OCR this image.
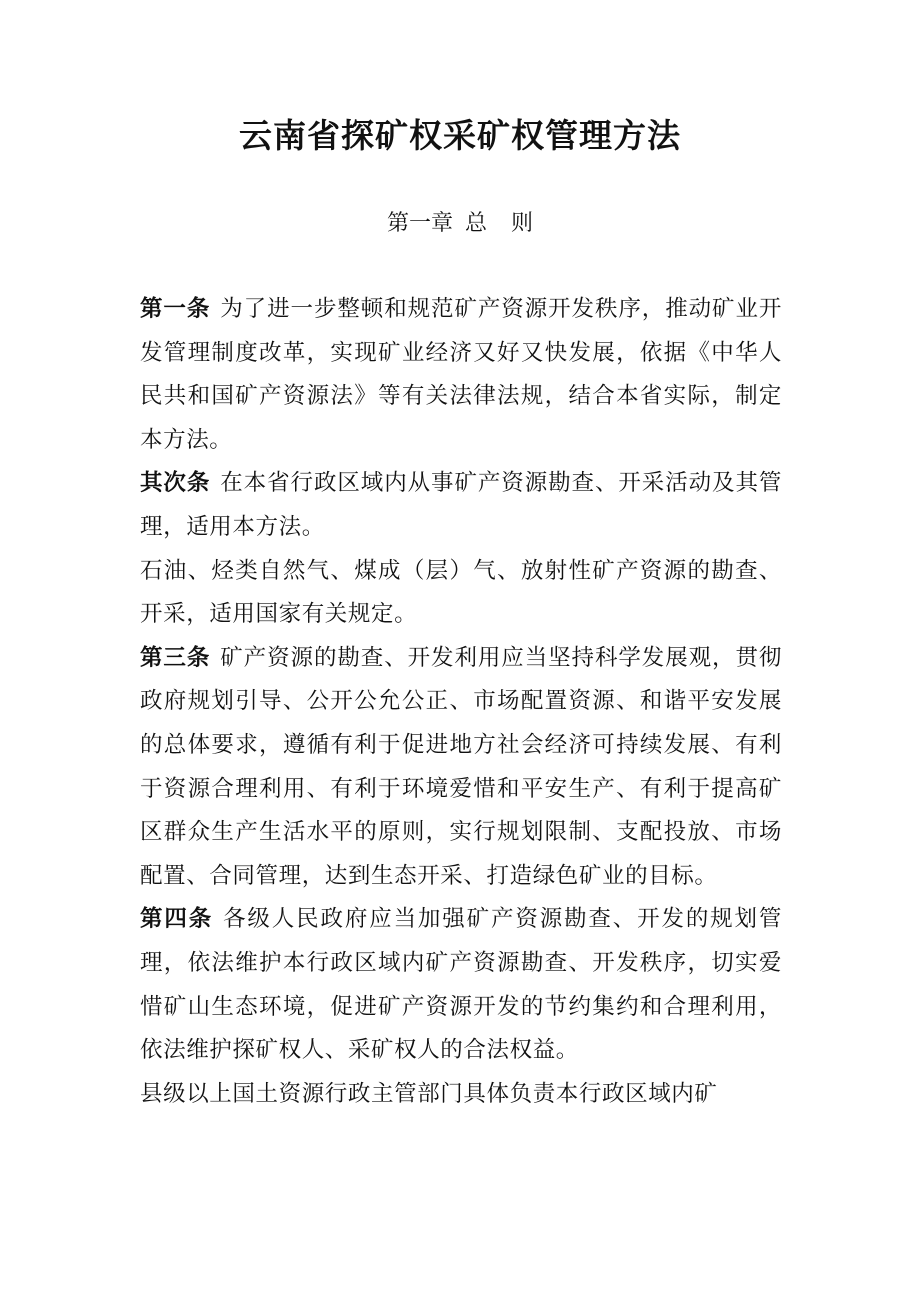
云南省探矿权采矿权管理方法
第一章 总 则

第一条 为了进一步整顿和规范矿产资源开发秩序，推动矿业开发管理制度改革，实现矿业经济又好又快发展，依据《中华人民共和国矿产资源法》等有关法律法规，结合本省实际，制定本方法。

其次条 在本省行政区域内从事矿产资源勘查、开采活动及其管理，适用本方法。

石油、烃类自然气、煤成（层）气、放射性矿产资源的勘查、开采，适用国家有关规定。

第三条 矿产资源的勘查、开发利用应当坚持科学发展观，贯彻政府规划引导、公开公允公正、市场配置资源、和谐平安发展的总体要求，遵循有利于促进地方社会经济可持续发展、有利于资源合理利用、有利于环境爱惜和平安生产、有利于提高矿区群众生产生活水平的原则，实行规划限制、支配投放、市场配置、合同管理，达到生态开采、打造绿色矿业的目标。

第四条 各级人民政府应当加强矿产资源勘查、开发的规划管理，依法维护本行政区域内矿产资源勘查、开发秩序，切实爱惜矿山生态环境，促进矿产资源开发的节约集约和合理利用，依法维护探矿权人、采矿权人的合法权益。

县级以上国土资源行政主管部门具体负责本行政区域内矿
